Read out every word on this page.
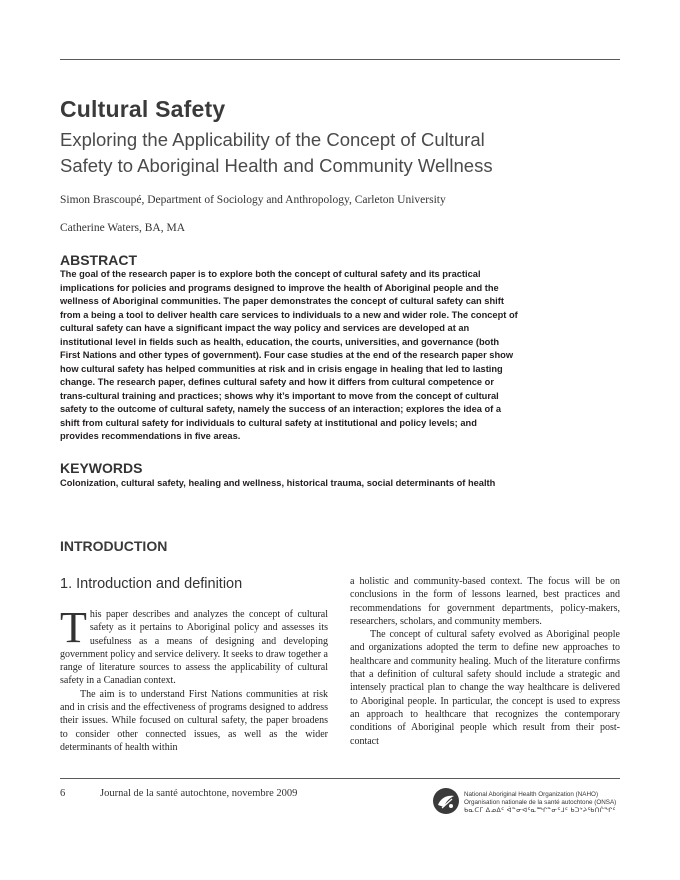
Cultural Safety
Exploring the Applicability of the Concept of Cultural Safety to Aboriginal Health and Community Wellness
Simon Brascoupé, Department of Sociology and Anthropology, Carleton University
Catherine Waters, BA, MA
ABSTRACT
The goal of the research paper is to explore both the concept of cultural safety and its practical implications for policies and programs designed to improve the health of Aboriginal people and the wellness of Aboriginal communities. The paper demonstrates the concept of cultural safety can shift from a being a tool to deliver health care services to individuals to a new and wider role. The concept of cultural safety can have a significant impact the way policy and services are developed at an institutional level in fields such as health, education, the courts, universities, and governance (both First Nations and other types of government). Four case studies at the end of the research paper show how cultural safety has helped communities at risk and in crisis engage in healing that led to lasting change. The research paper, defines cultural safety and how it differs from cultural competence or trans-cultural training and practices; shows why it’s important to move from the concept of cultural safety to the outcome of cultural safety, namely the success of an interaction; explores the idea of a shift from cultural safety for individuals to cultural safety at institutional and policy levels; and provides recommendations in five areas.
KEYWORDS
Colonization, cultural safety, healing and wellness, historical trauma, social determinants of health
INTRODUCTION
1. Introduction and definition

This paper describes and analyzes the concept of cultural safety as it pertains to Aboriginal policy and assesses its usefulness as a means of designing and developing government policy and service delivery. It seeks to draw together a range of literature sources to assess the applicability of cultural safety in a Canadian context.

The aim is to understand First Nations communities at risk and in crisis and the effectiveness of programs designed to address their issues. While focused on cultural safety, the paper broadens to consider other connected issues, as well as the wider determinants of health within

a holistic and community-based context. The focus will be on conclusions in the form of lessons learned, best practices and recommendations for government departments, policy-makers, researchers, scholars, and community members.

The concept of cultural safety evolved as Aboriginal people and organizations adopted the term to define new approaches to healthcare and community healing. Much of the literature confirms that a definition of cultural safety should include a strategic and intensely practical plan to change the way healthcare is delivered to Aboriginal people. In particular, the concept is used to express an approach to healthcare that recognizes the contemporary conditions of Aboriginal people which result from their post-contact

6	Journal de la santé autochtone, novembre 2009	National Aboriginal Health Organization (NAHO)
Organisation nationale de la santé autochtone (ONSA)
ᑲᓇᑕᒥ ᐃᓄᐃᑦ ᐋᓐᓂᐊᕐᓇᙱᓐᓂᕐᒧᑦ ᑲᑐᔾᔨᖃᑎᒌᖏᑦ
